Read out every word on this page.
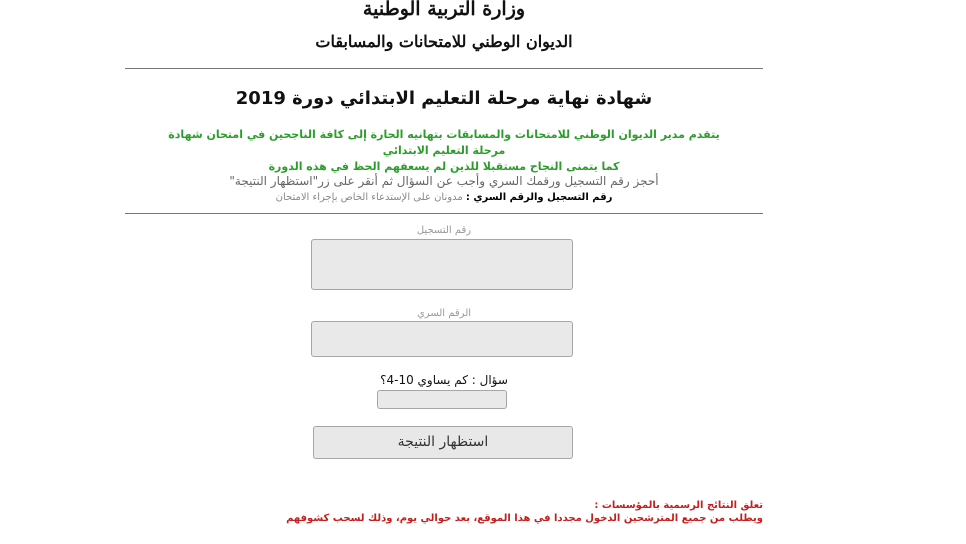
وزارة التربية الوطنية
الديوان الوطني للامتحانات والمسابقات
شهادة نهاية مرحلة التعليم الابتدائي دورة 2019
يتقدم مدير الديوان الوطني للامتحانات والمسابقات بتهانيه الحارة إلى كافة الناجحين في امتحان شهادة مرحلة التعليم الابتدائي
كما يتمنى النجاح مستقبلا للذين لم يسعفهم الحظ في هذه الدورة
أحجز رقم التسجيل ورقمك السري وأجب عن السؤال ثم أنقر على زر"استظهار النتيجة"
رقم التسجيل والرقم السري : مدونان على الإستدعاء الخاص بإجراء الامتحان
رقم التسجيل
الرقم السري
سؤال : كم يساوي 10-4؟
استظهار النتيجة
تعلق النتائج الرسمية بالمؤسسات :
ويطلب من جميع المترشحين الدخول مجددا في هذا الموقع، بعد حوالي يوم، وذلك لسحب كشوفهم
